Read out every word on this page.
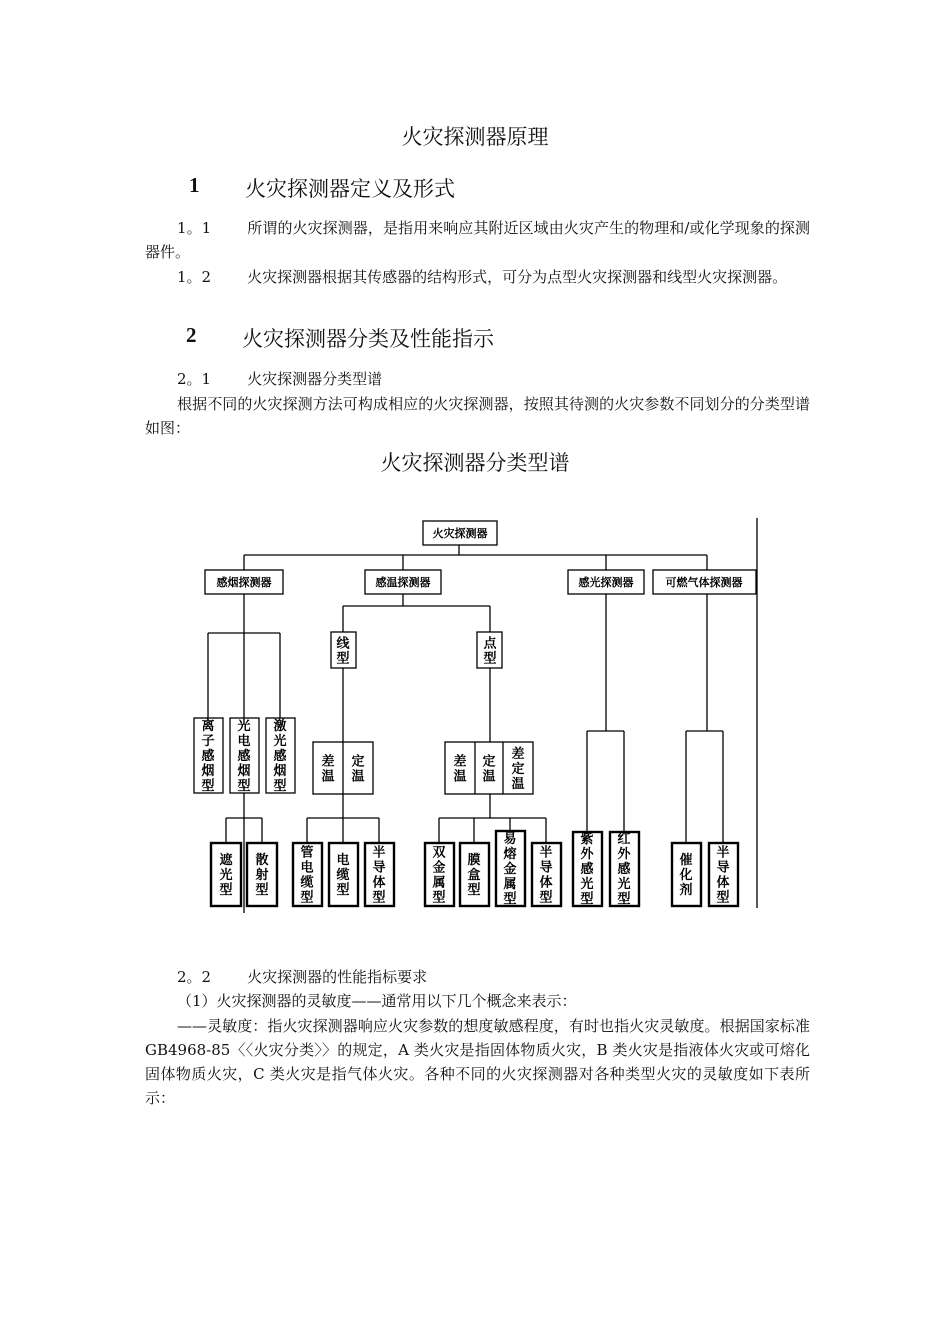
火灾探测器原理
1 火灾探测器定义及形式
1。1 所谓的火灾探测器，是指用来响应其附近区域由火灾产生的物理和/或化学现象的探测器件。
1。2 火灾探测器根据其传感器的结构形式，可分为点型火灾探测器和线型火灾探测器。
2 火灾探测器分类及性能指示
2。1 火灾探测器分类型谱
根据不同的火灾探测方法可构成相应的火灾探测器，按照其待测的火灾参数不同划分的分类型谱如图：
火灾探测器分类型谱
火灾探测器
感烟探测器	感温探测器	感光探测器	可燃气体探测器
线型
点型
离子感烟型
光电感烟型
激光感烟型
差温
定温
差温
定温
差定温
遮光型
散射型
管电缆型
电缆型
半导体型
双金属型
膜盒型
易熔金属型
半导体型
紫外感光型
红外感光型
催化剂
半导体型
2。2 火灾探测器的性能指标要求
（1）火灾探测器的灵敏度——通常用以下几个概念来表示：
——灵敏度：指火灾探测器响应火灾参数的想度敏感程度，有时也指火灾灵敏度。根据国家标准 GB4968-85〈〈火灾分类〉〉的规定，A 类火灾是指固体物质火灾，B 类火灾是指液体火灾或可熔化固体物质火灾，C 类火灾是指气体火灾。各种不同的火灾探测器对各种类型火灾的灵敏度如下表所示：
